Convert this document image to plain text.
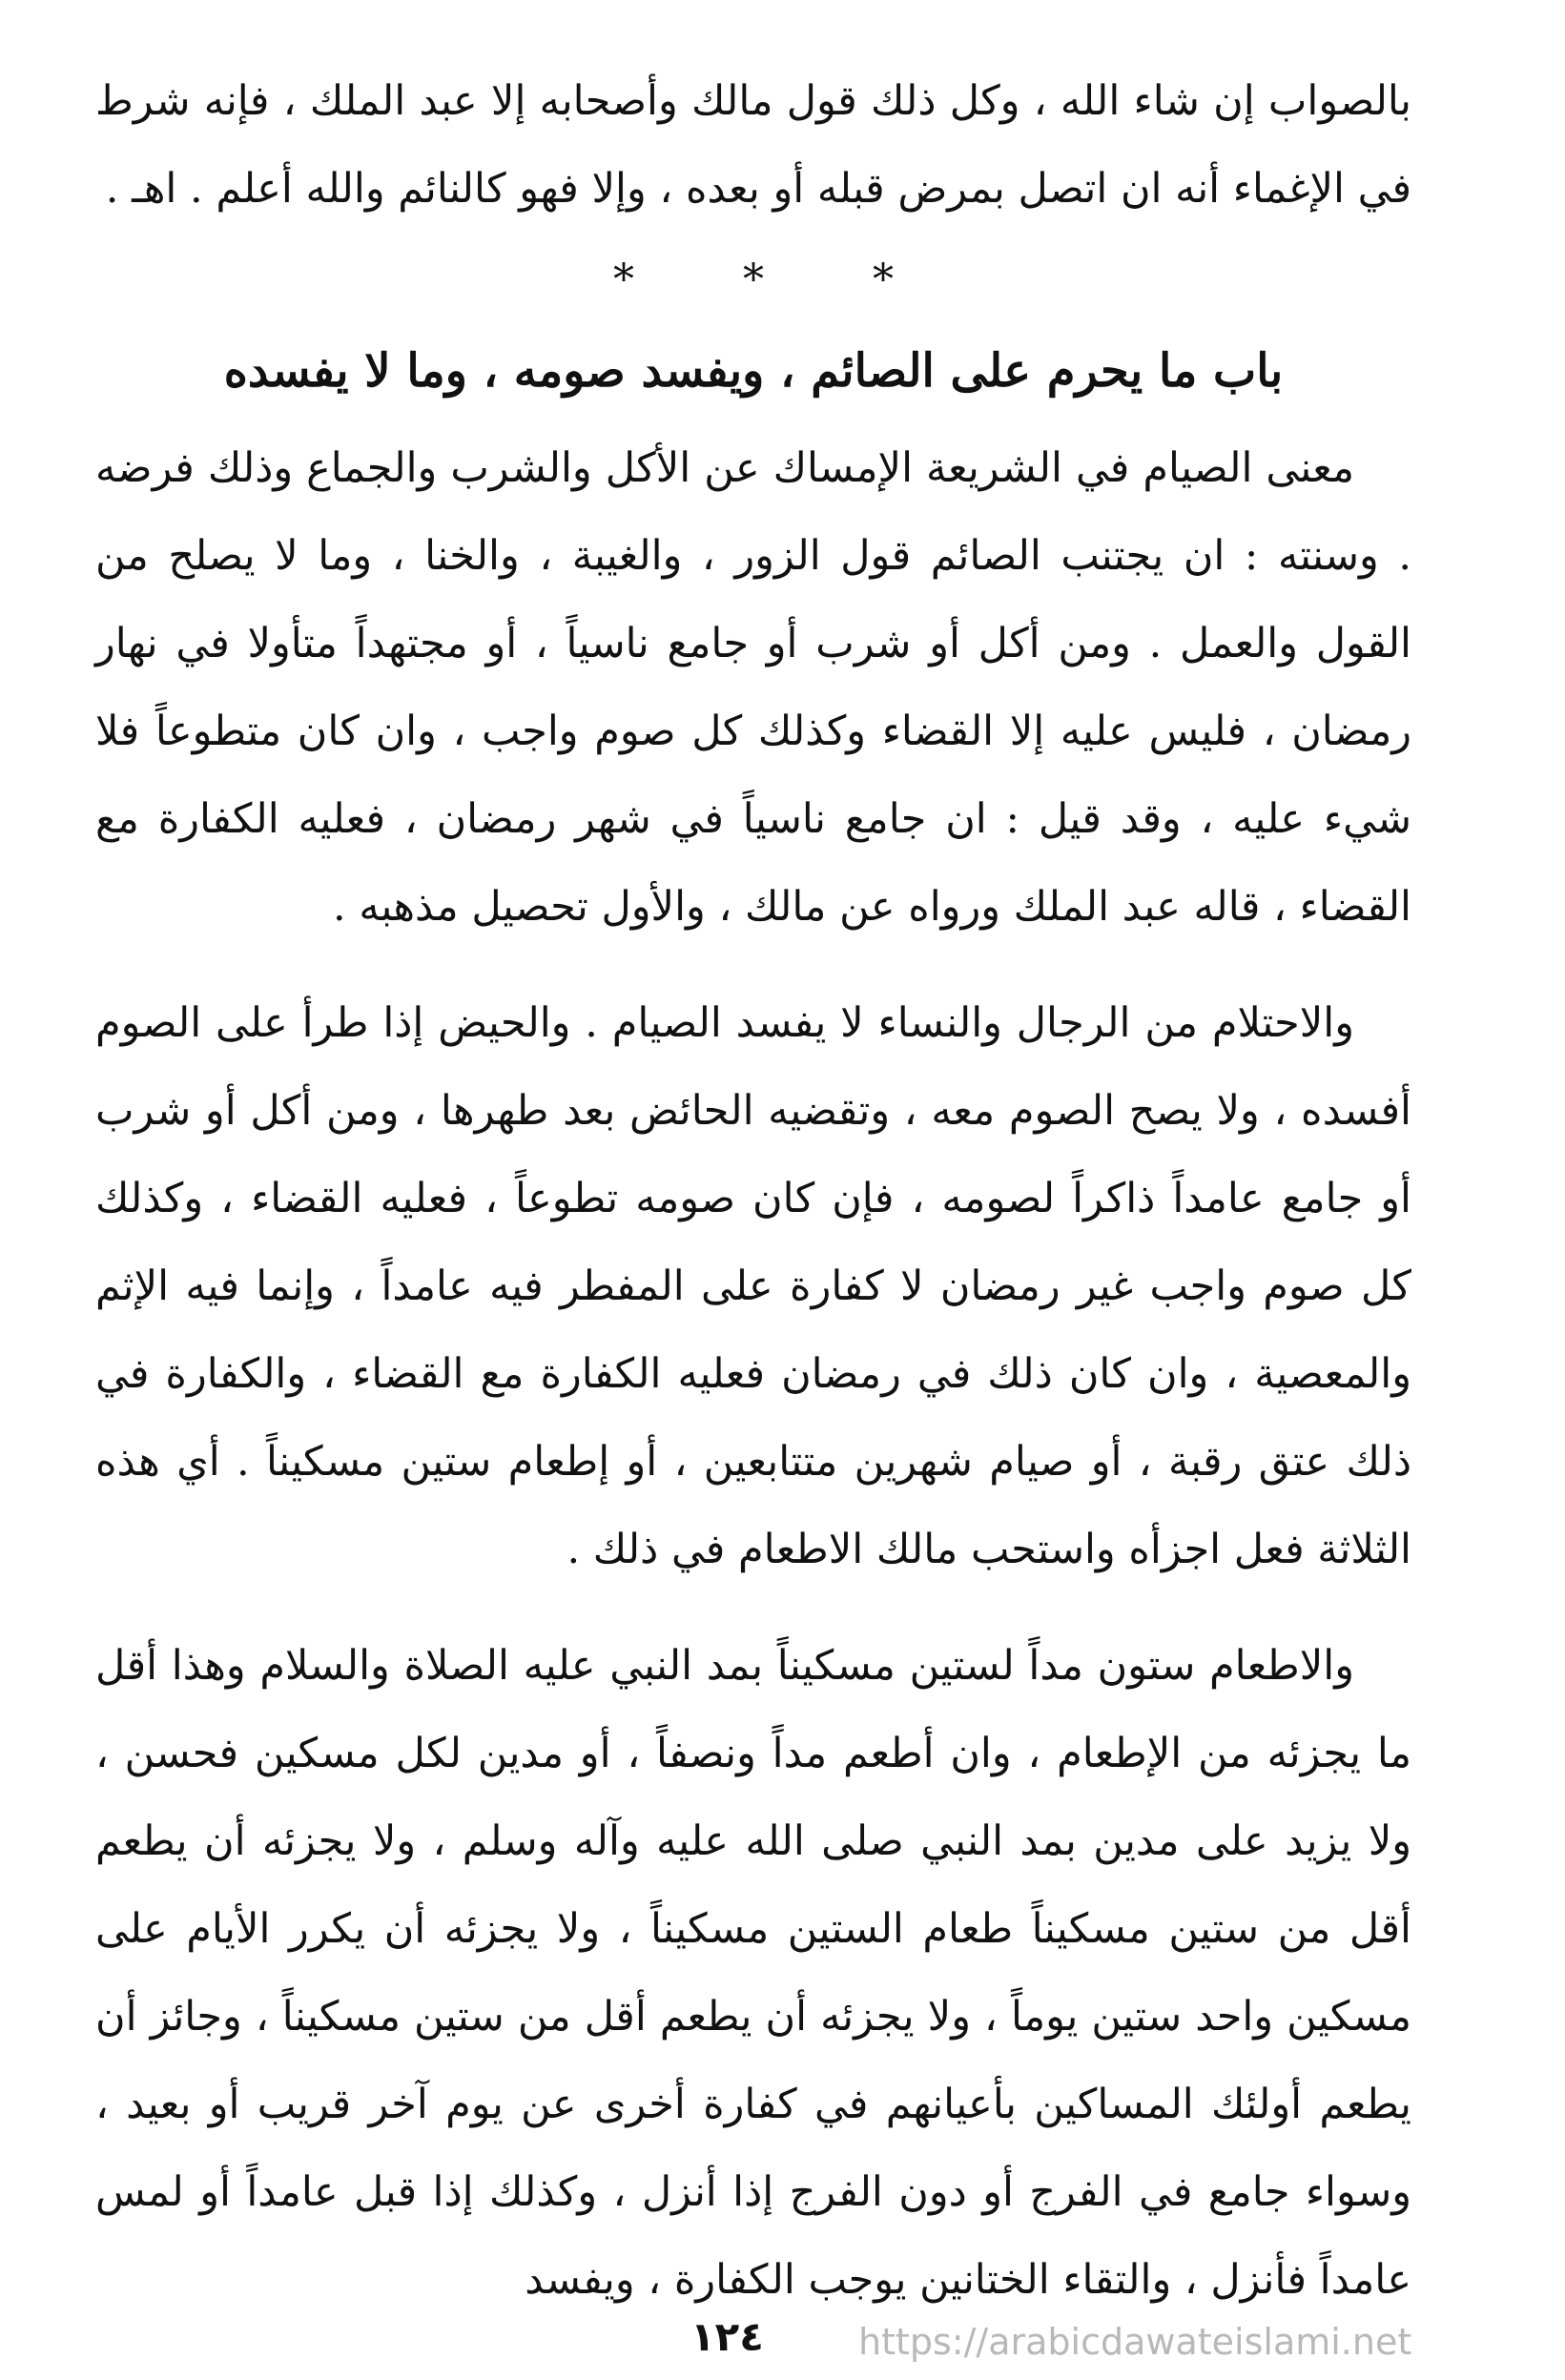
بالصواب إن شاء الله ، وكل ذلك قول مالك وأصحابه إلا عبد الملك ، فإنه شرط في الإغماء أنه ان اتصل بمرض قبله أو بعده ، وإلا فهو كالنائم والله أعلم . اهـ .

* * *
باب ما يحرم على الصائم ، ويفسد صومه ، وما لا يفسده

معنى الصيام في الشريعة الإمساك عن الأكل والشرب والجماع وذلك فرضه . وسنته : ان يجتنب الصائم قول الزور ، والغيبة ، والخنا ، وما لا يصلح من القول والعمل . ومن أكل أو شرب أو جامع ناسياً ، أو مجتهداً متأولا في نهار رمضان ، فليس عليه إلا القضاء وكذلك كل صوم واجب ، وان كان متطوعاً فلا شيء عليه ، وقد قيل : ان جامع ناسياً في شهر رمضان ، فعليه الكفارة مع القضاء ، قاله عبد الملك ورواه عن مالك ، والأول تحصيل مذهبه .

والاحتلام من الرجال والنساء لا يفسد الصيام . والحيض إذا طرأ على الصوم أفسده ، ولا يصح الصوم معه ، وتقضيه الحائض بعد طهرها ، ومن أكل أو شرب أو جامع عامداً ذاكراً لصومه ، فإن كان صومه تطوعاً ، فعليه القضاء ، وكذلك كل صوم واجب غير رمضان لا كفارة على المفطر فيه عامداً ، وإنما فيه الإثم والمعصية ، وان كان ذلك في رمضان فعليه الكفارة مع القضاء ، والكفارة في ذلك عتق رقبة ، أو صيام شهرين متتابعين ، أو إطعام ستين مسكيناً . أي هذه الثلاثة فعل اجزأه واستحب مالك الاطعام في ذلك .

والاطعام ستون مداً لستين مسكيناً بمد النبي عليه الصلاة والسلام وهذا أقل ما يجزئه من الإطعام ، وان أطعم مداً ونصفاً ، أو مدين لكل مسكين فحسن ، ولا يزيد على مدين بمد النبي صلى الله عليه وآله وسلم ، ولا يجزئه أن يطعم أقل من ستين مسكيناً طعام الستين مسكيناً ، ولا يجزئه أن يكرر الأيام على مسكين واحد ستين يوماً ، ولا يجزئه أن يطعم أقل من ستين مسكيناً ، وجائز أن يطعم أولئك المساكين بأعيانهم في كفارة أخرى عن يوم آخر قريب أو بعيد ، وسواء جامع في الفرج أو دون الفرج إذا أنزل ، وكذلك إذا قبل عامداً أو لمس عامداً فأنزل ، والتقاء الختانين يوجب الكفارة ، ويفسد

١٢٤	https://arabicdawateislami.net
